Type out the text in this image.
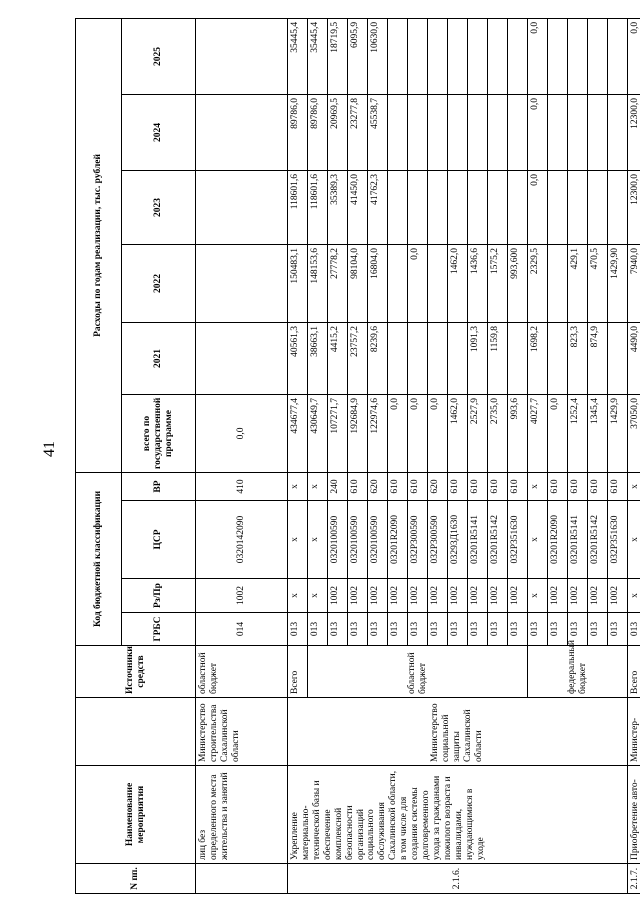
41
N пп.	Наименование мероприятия		Источники средств	Код бюджетной классификации				Расходы по годам реализации, тыс. рублей					
				ГРБС	Рз/Пр	ЦСР	ВР	всего по государственной программе	2021	2022	2023	2024	2025
	лиц без определенного места жительства и занятий	Министерство строительства Сахалинской области	областной бюджет	014	1002	0320142090	410	0,0					
2.1.6.	Укрепление материально-технической базы и обеспечение комплексной безопасности организаций социального обслуживания Сахалинской области, в том числе для создания системы долговременного ухода за гражданами пожилого возраста и инвалидами, нуждающимися в уходе	Министерство социальной защиты Сахалинской области	Всего	013	x	x	x	434677,4	40561,3	150483,1	118601,6	89786,0	35445,4
			областной бюджет	013	x	x	x	430649,7	38663,1	148153,6	118601,6	89786,0	35445,4
				013	1002	0320100590	240	107271,7	4415,2	27778,2	35389,3	20969,5	18719,5
				013	1002	0320100590	610	192684,9	23757,2	98104,0	41450,0	23277,8	6095,9
				013	1002	0320100590	620	122974,6	8239,6	16804,0	41762,3	45538,7	10630,0
				013	1002	03201R2090	610	0,0					
				013	1002	032P300590	610	0,0		0,0			
				013	1002	032P300590	620	0,0					
				013	1002	03293Д1630	610	1462,0		1462,0			
				013	1002	03201R5141	610	2527,9	1091,3	1436,6			
				013	1002	03201R5142	610	2735,0	1159,8	1575,2			
				013	1002	032P351630	610	993,6		993,600			
			федеральный бюджет	013	x	x	x	4027,7	1698,2	2329,5	0,0	0,0	0,0
				013	1002	03201R2090	610	0,0					
				013	1002	03201R5141	610	1252,4	823,3	429,1			
				013	1002	03201R5142	610	1345,4	874,9	470,5			
				013	1002	032P351630	610	1429,9		1429,90			
2.1.7.	Приобретение авто-	Министер-	Всего	013	x	x	x	37050,0	4490,0	7940,0	12300,0	12300,0	0,0
